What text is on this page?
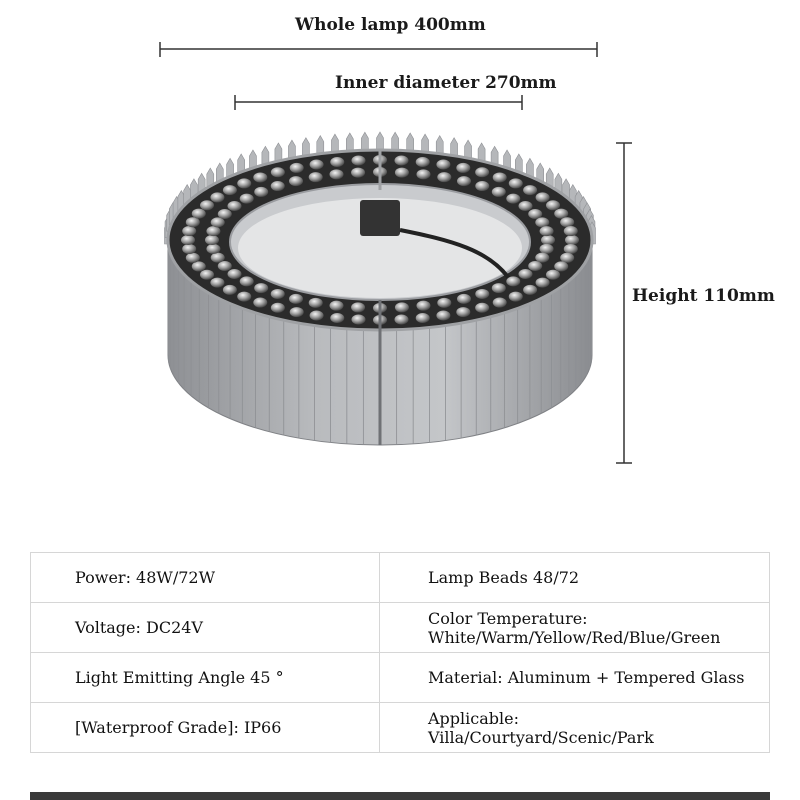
Whole lamp 400mm
Inner diameter 270mm
Height 110mm
Power: 48W/72W	Lamp Beads 48/72

Voltage: DC24V	Color Temperature:
White/Warm/Yellow/Red/Blue/Green

Light Emitting Angle 45 °	Material: Aluminum + Tempered Glass

[Waterproof Grade]: IP66	Applicable:
Villa/Courtyard/Scenic/Park
